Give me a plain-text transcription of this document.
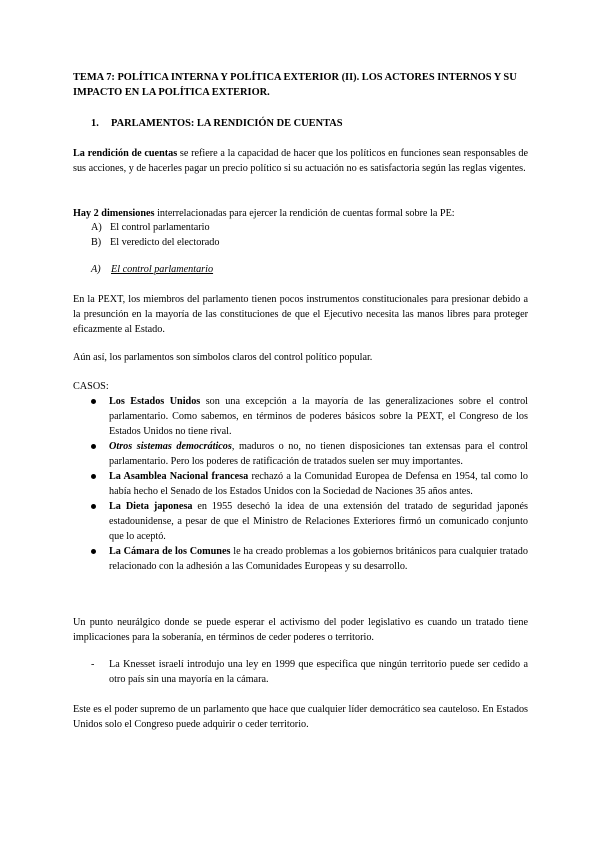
TEMA 7: POLÍTICA INTERNA Y POLÍTICA EXTERIOR (II). LOS ACTORES INTERNOS Y SU IMPACTO EN LA POLÍTICA EXTERIOR.
1. PARLAMENTOS: LA RENDICIÓN DE CUENTAS
La rendición de cuentas se refiere a la capacidad de hacer que los políticos en funciones sean responsables de sus acciones, y de hacerles pagar un precio político si su actuación no es satisfactoria según las reglas vigentes.
Hay 2 dimensiones interrelacionadas para ejercer la rendición de cuentas formal sobre la PE:
A) El control parlamentario
B) El veredicto del electorado
A) El control parlamentario
En la PEXT, los miembros del parlamento tienen pocos instrumentos constitucionales para presionar debido a la presunción en la mayoría de las constituciones de que el Ejecutivo necesita las manos libres para proteger eficazmente al Estado.
Aún así, los parlamentos son símbolos claros del control político popular.
CASOS:
Los Estados Unidos son una excepción a la mayoría de las generalizaciones sobre el control parlamentario. Como sabemos, en términos de poderes básicos sobre la PEXT, el Congreso de los Estados Unidos no tiene rival.
Otros sistemas democráticos, maduros o no, no tienen disposiciones tan extensas para el control parlamentario. Pero los poderes de ratificación de tratados suelen ser muy importantes.
La Asamblea Nacional francesa rechazó a la Comunidad Europea de Defensa en 1954, tal como lo había hecho el Senado de los Estados Unidos con la Sociedad de Naciones 35 años antes.
La Dieta japonesa en 1955 desechó la idea de una extensión del tratado de seguridad japonés estadounidense, a pesar de que el Ministro de Relaciones Exteriores firmó un comunicado conjunto que lo aceptó.
La Cámara de los Comunes le ha creado problemas a los gobiernos británicos para cualquier tratado relacionado con la adhesión a las Comunidades Europeas y su desarrollo.
Un punto neurálgico donde se puede esperar el activismo del poder legislativo es cuando un tratado tiene implicaciones para la soberanía, en términos de ceder poderes o territorio.
- La Knesset israelí introdujo una ley en 1999 que especifica que ningún territorio puede ser cedido a otro país sin una mayoría en la cámara.
Este es el poder supremo de un parlamento que hace que cualquier líder democrático sea cauteloso. En Estados Unidos solo el Congreso puede adquirir o ceder territorio.
